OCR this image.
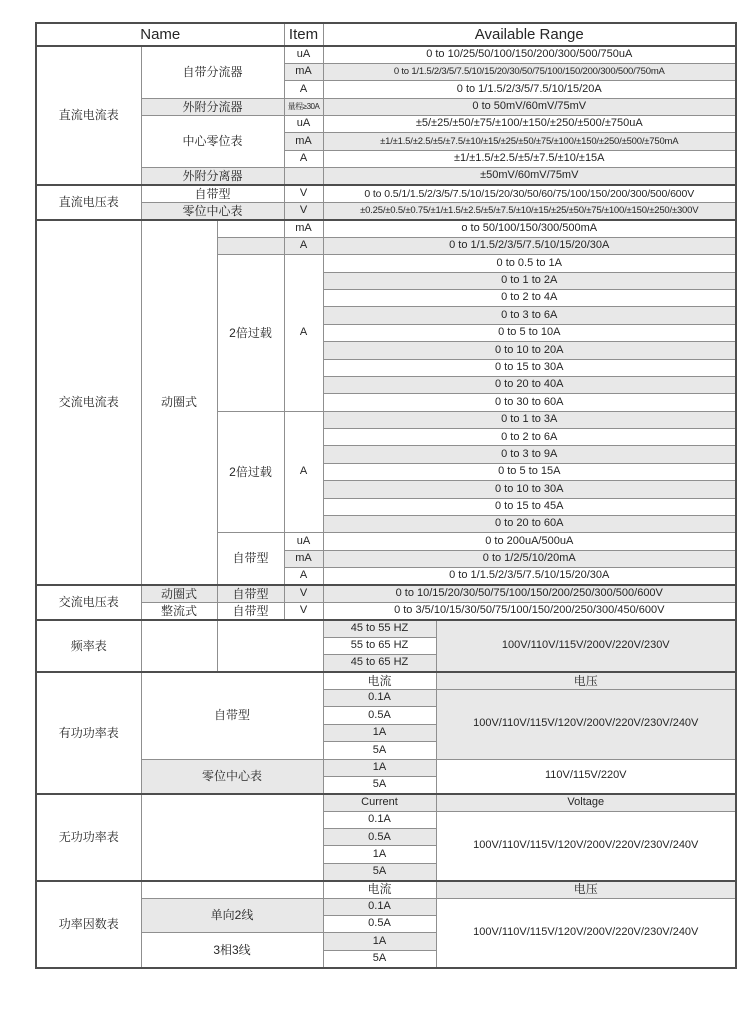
Name			Item	Available Range	
直流电流表	自带分流器		uA	0 to 10/25/50/100/150/200/300/500/750uA	
			mA	0 to 1/1.5/2/3/5/7.5/10/15/20/30/50/75/100/150/200/300/500/750mA	
			A	0 to 1/1.5/2/3/5/7.5/10/15/20A	
	外附分流器		量程≥30A	0 to 50mV/60mV/75mV	
	中心零位表		uA	±5/±25/±50/±75/±100/±150/±250/±500/±750uA	
			mA	±1/±1.5/±2.5/±5/±7.5/±10/±15/±25/±50/±75/±100/±150/±250/±500/±750mA	
			A	±1/±1.5/±2.5/±5/±7.5/±10/±15A	
	外附分离器			±50mV/60mV/75mV	
直流电压表	自带型		V	0 to 0.5/1/1.5/2/3/5/7.5/10/15/20/30/50/60/75/100/150/200/300/500/600V	
	零位中心表		V	±0.25/±0.5/±0.75/±1/±1.5/±2.5/±5/±7.5/±10/±15/±25/±50/±75/±100/±150/±250/±300V	
交流电流表	动圈式		mA	o to 50/100/150/300/500mA	
			A	0 to 1/1.5/2/3/5/7.5/10/15/20/30A	
		2倍过载	A	0 to 0.5 to 1A	
				0 to 1 to 2A	
				0 to 2 to 4A	
				0 to 3 to 6A	
				0 to 5 to 10A	
				0 to 10 to 20A	
				0 to 15 to 30A	
				0 to 20 to 40A	
				0 to 30 to 60A	
		2倍过载	A	0 to 1 to 3A	
				0 to 2 to 6A	
				0 to 3 to 9A	
				0 to 5 to 15A	
				0 to 10 to 30A	
				0 to 15 to 45A	
				0 to 20 to 60A	
		自带型	uA	0 to 200uA/500uA	
			mA	0 to 1/2/5/10/20mA	
			A	0 to 1/1.5/2/3/5/7.5/10/15/20/30A	
交流电压表	动圈式	自带型	V	0 to 10/15/20/30/50/75/100/150/200/250/300/500/600V	
	整流式	自带型	V	0 to 3/5/10/15/30/50/75/100/150/200/250/300/450/600V	
频率表				45 to 55 HZ	100V/110V/115V/200V/220V/230V
				55 to 65 HZ	
				45 to 65 HZ	
有功功率表	自带型			电流	电压
				0.1A	100V/110V/115V/120V/200V/220V/230V/240V
				0.5A	
				1A	
				5A	
	零位中心表			1A	110V/115V/220V
				5A	
无功功率表				Current	Voltage
				0.1A	100V/110V/115V/120V/200V/220V/230V/240V
				0.5A	
				1A	
				5A	
功率因数表				电流	电压
	单向2线			0.1A	100V/110V/115V/120V/200V/220V/230V/240V
				0.5A	
	3相3线			1A	
				5A	
